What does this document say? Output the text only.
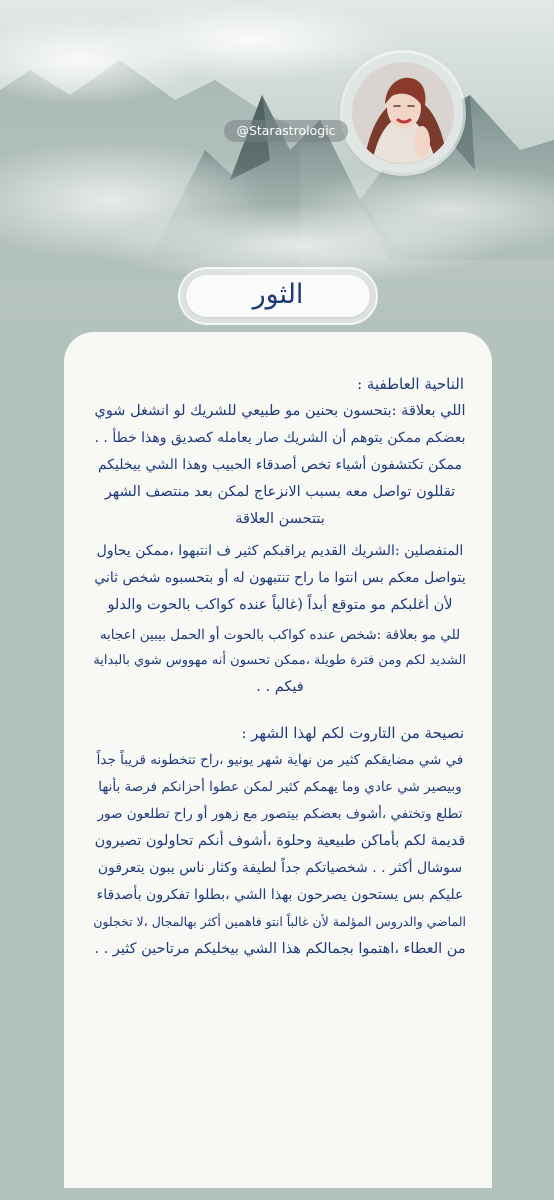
@Starastrologic
الثور
الناحية العاطفية :
اللي بعلاقة :بتحسون بحنين مو طبيعي للشريك لو انشغل شوي
بعضكم ممكن يتوهم أن الشريك صار يعامله كصديق وهذا خطأ . .
ممكن تكتشفون أشياء تخص أصدقاء الحبيب وهذا الشي بيخليكم
تقللون تواصل معه بسبب الانزعاج لمكن بعد منتصف الشهر
بتتحسن العلاقة
المنفصلين :الشريك القديم يراقبكم كثير ف انتبهوا ،ممكن يحاول
يتواصل معكم بس انتوا ما راح تنتبهون له أو بتحسبوه شخص ثاني
لأن أغلبكم مو متوقع أبداً (غالباً عنده كواكب بالحوت والدلو
للي مو بعلاقة :شخص عنده كواكب بالحوت أو الحمل بيبين اعجابه
الشديد لكم ومن فترة طويلة ،ممكن تحسون أنه مهووس شوي بالبداية
فيكم . .
نصيحة من التاروت لكم لهذا الشهر :
في شي مضايقكم كثير من نهاية شهر يونيو ،راح تتخطونه قريباً جداً
وبيصير شي عادي وما يهمكم كثير لمكن عطوا أحزانكم فرصة بأنها
تطلع وتختفي ،أشوف بعضكم بيتصور مع زهور أو راح تطلعون صور
قديمة لكم بأماكن طبيعية وحلوة ،أشوف أنكم تحاولون تصيرون
سوشال أكثر . . شخصياتكم جداً لطيفة وكثار ناس يبون يتعرفون
عليكم بس يستحون يصرحون بهذا الشي ،بطلوا تفكرون بأصدقاء
الماضي والدروس المؤلمة لأن غالباً انتو فاهمين أكثر بهالمجال ،لا تخجلون
من العطاء ،اهتموا بجمالكم هذا الشي بيخليكم مرتاحين كثير . .
